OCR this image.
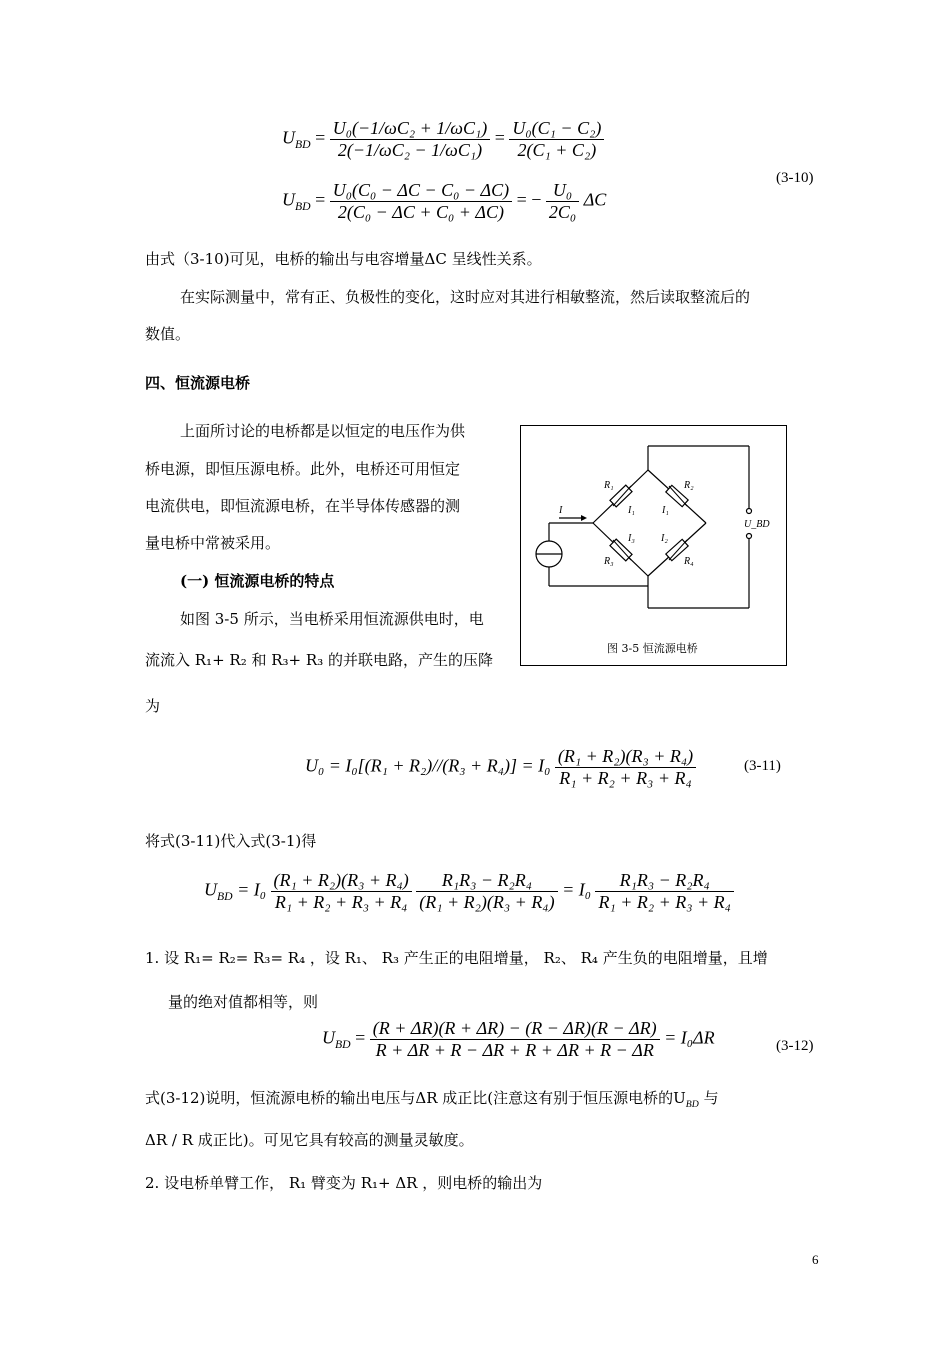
$U_{BD} = \frac{\text{U₀(−1/ωC₂ + 1/ωC₁)}}{\text{2(−1/ωC₂ − 1/ωC₁)}} = \frac{\text{U₀(C₁ − C₂)}}{\text{2(C₁ + C₂)}}$
$U_{BD} = \frac{\text{U₀(C₀ − ΔC − C₀ − ΔC)}}{\text{2(C₀ − ΔC + C₀ + ΔC)}}$ = − $\frac{\text{U₀}}{\text{2C₀}}$ ΔC
(3-10)
由式（3-10)可见，电桥的输出与电容增量ΔC 呈线性关系。
在实际测量中，常有正、负极性的变化，这时应对其进行相敏整流，然后读取整流后的
数值。
四、恒流源电桥
上面所讨论的电桥都是以恒定的电压作为供
桥电源，即恒压源电桥。此外，电桥还可用恒定
电流供电，即恒流源电桥，在半导体传感器的测
量电桥中常被采用。
(一) 恒流源电桥的特点
如图 3-5 所示，当电桥采用恒流源供电时，电
流流入 R₁+ R₂ 和 R₃+ R₃ 的并联电路，产生的压降
为
R₁	R₂
R₃	R₄
I	I₁	I₁
I₃	I₂
U_BD
图 3-5 恒流源电桥
$U_0 = I_0[(R_1 + R_2)//(R_3 + R_4)] = I_0 \frac{\text{(R₁ + R₂)(R₃ + R₄)}}{\text{R₁ + R₂ + R₃ + R₄}}$	(3-11)
将式(3-11)代入式(3-1)得
$U_{BD} = I_0 \frac{\text{(R₁ + R₂)(R₃ + R₄)}}{\text{R₁ + R₂ + R₃ + R₄}}$
$\frac{\text{R₁R₃ − R₂R₄}}{\text{(R₁ + R₂)(R₃ + R₄)}} = I_0 \frac{\text{R₁R₃ − R₂R₄}}{\text{R₁ + R₂ + R₃ + R₄}}$
1. 设 R₁= R₂= R₃= R₄ ，设 R₁、 R₃ 产生正的电阻增量， R₂、 R₄ 产生负的电阻增量，且增
量的绝对值都相等，则
$U_{BD} = \frac{(R + \Delta R)(R + \Delta R) - (R - \Delta R)(R - \Delta R)}{R + \Delta R + R - \Delta R + R + \Delta R + R - \Delta R} = I_0\Delta R$	(3-12)
式(3-12)说明，恒流源电桥的输出电压与ΔR 成正比(注意这有别于恒压源电桥的$U_{BD}$ 与
ΔR / R 成正比)。可见它具有较高的测量灵敏度。
2. 设电桥单臂工作， R₁ 臂变为 R₁+ ΔR ，则电桥的输出为
6
